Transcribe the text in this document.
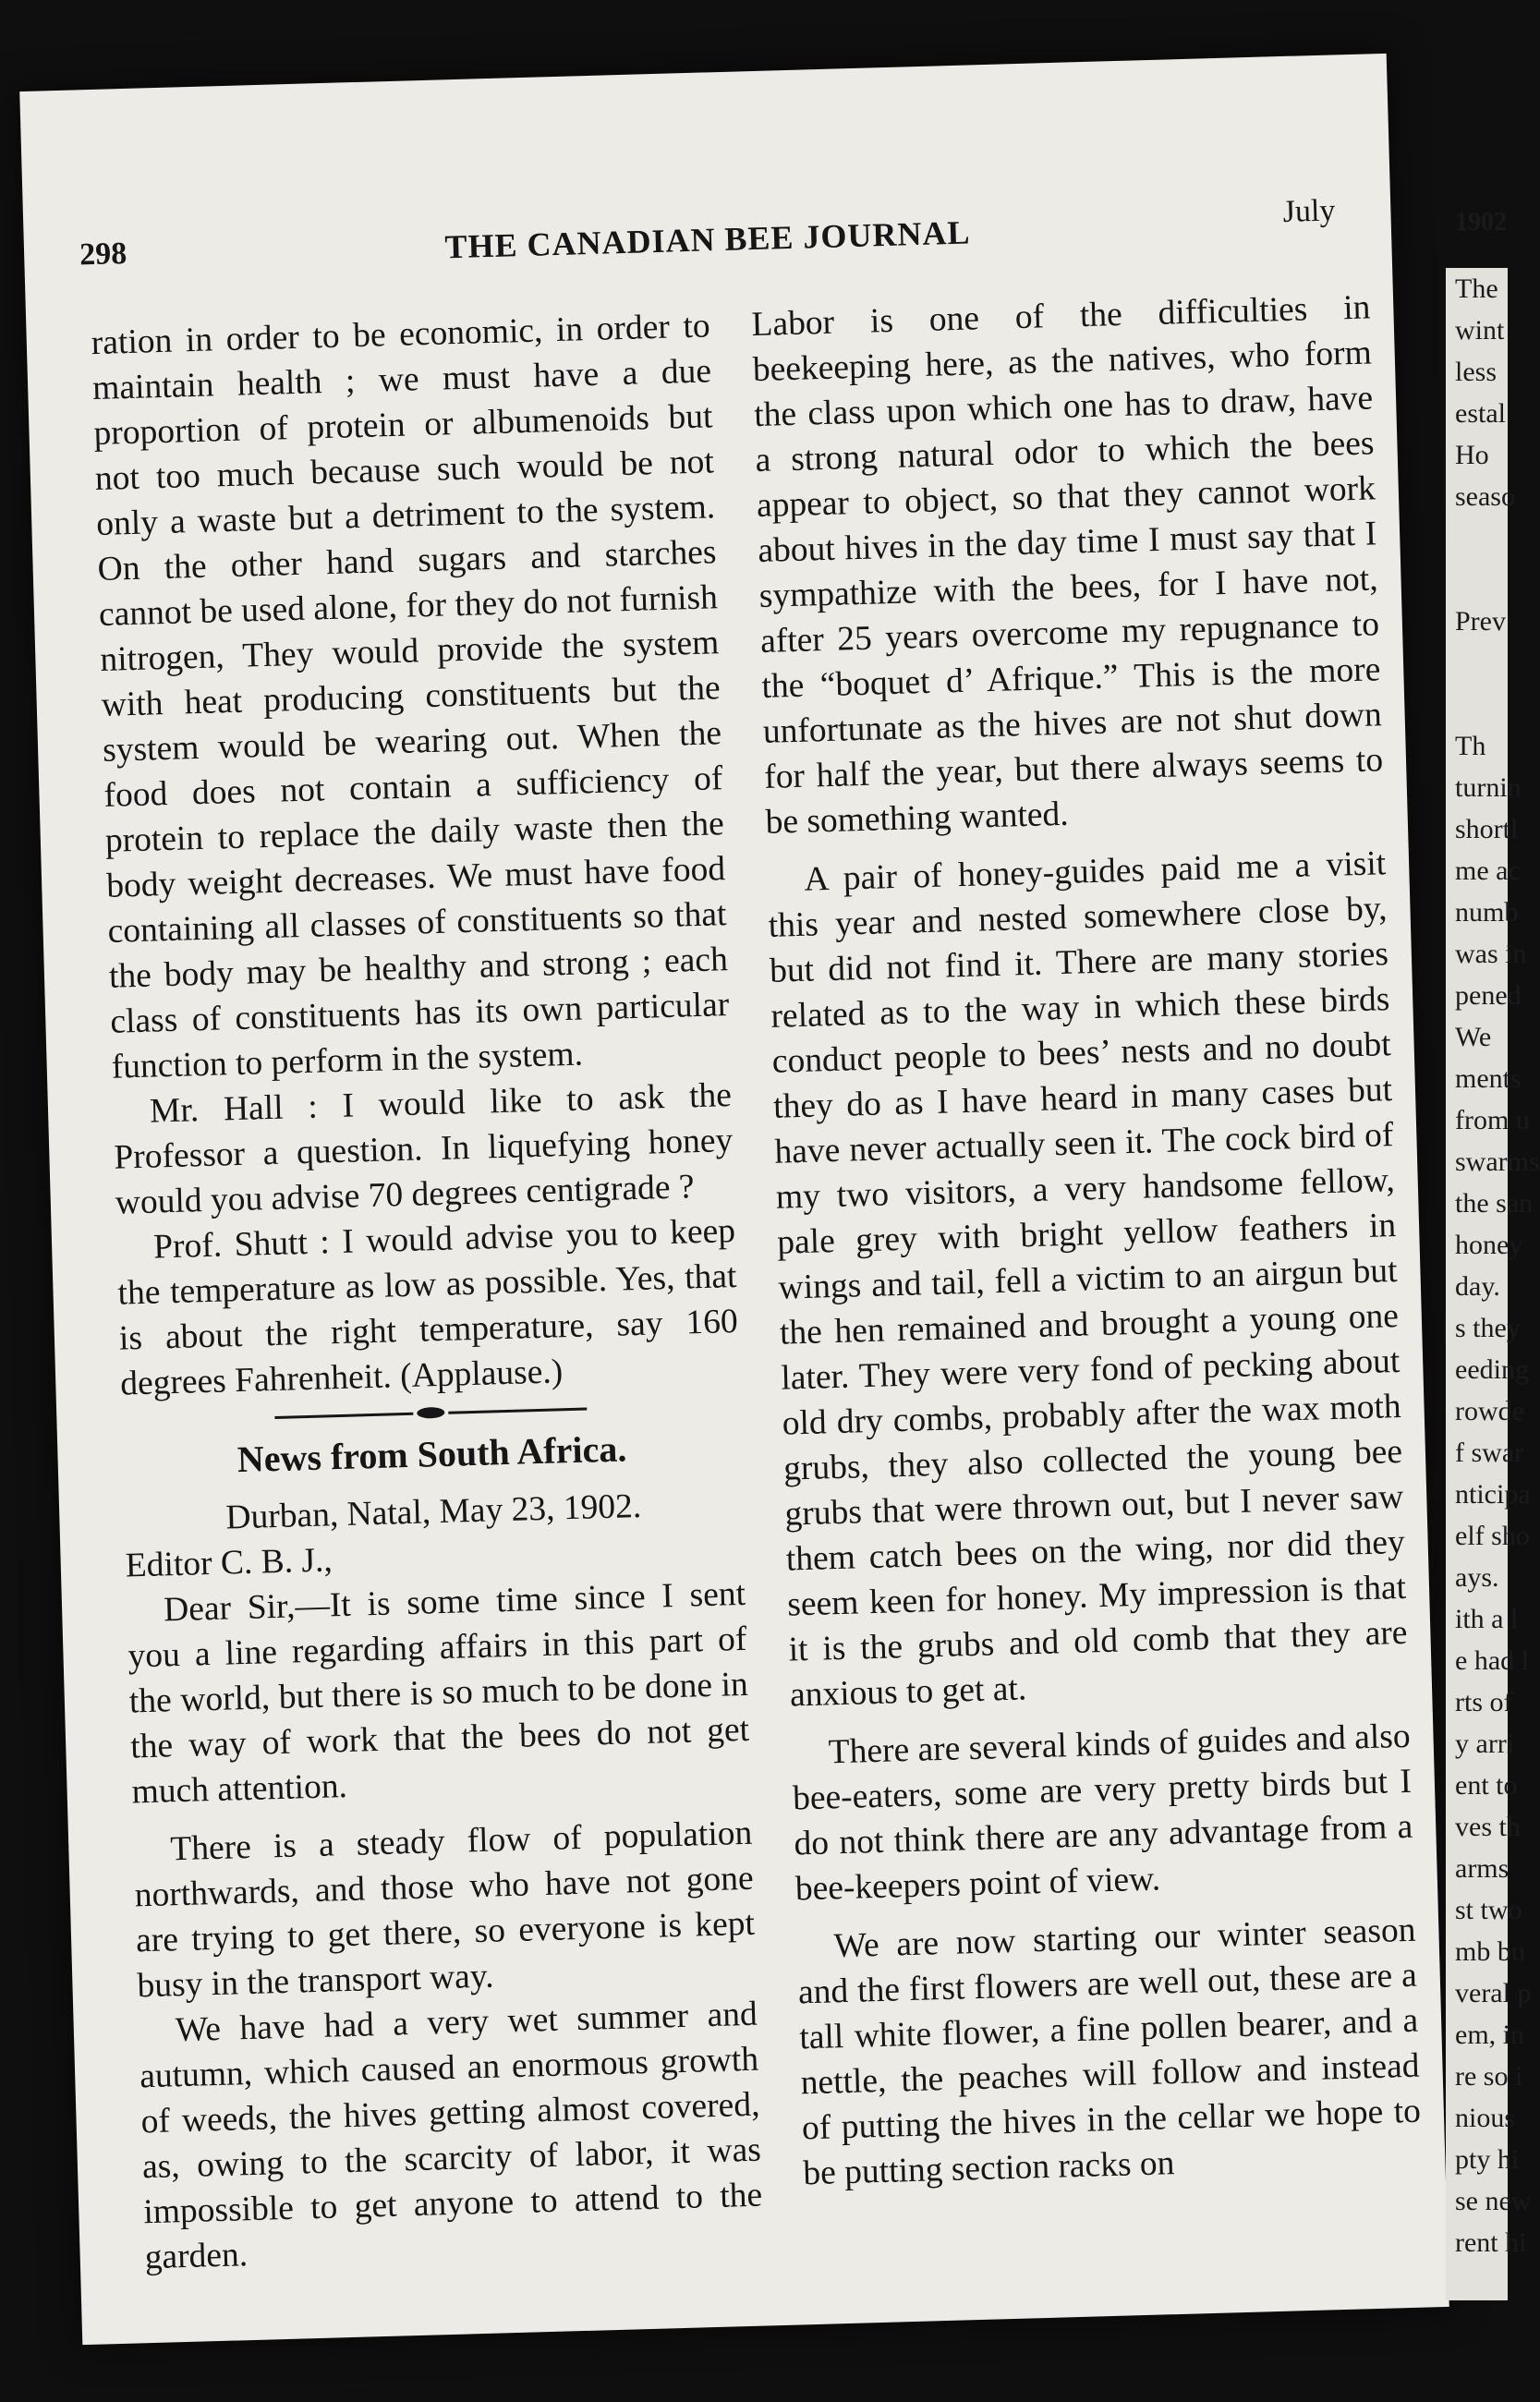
298	THE CANADIAN BEE JOURNAL
July

ration in order to be economic, in order to maintain health ; we must have a due proportion of protein or albumenoids but not too much because such would be not only a waste but a detriment to the system. On the other hand sugars and starches cannot be used alone, for they do not furnish nitrogen, They would provide the system with heat producing constituents but the system would be wearing out. When the food does not contain a sufficiency of protein to replace the daily waste then the body weight decreases. We must have food containing all classes of constituents so that the body may be healthy and strong ; each class of constituents has its own particular function to perform in the system.

Mr. Hall : I would like to ask the Professor a question. In liquefying honey would you advise 70 degrees centigrade ?

Prof. Shutt : I would advise you to keep the temperature as low as possible. Yes, that is about the right temperature, say 160 degrees Fahrenheit. (Applause.)

News from South Africa.

Durban, Natal, May 23, 1902.

Editor C. B. J.,

Dear Sir,—It is some time since I sent you a line regarding affairs in this part of the world, but there is so much to be done in the way of work that the bees do not get much attention.

There is a steady flow of population northwards, and those who have not gone are trying to get there, so everyone is kept busy in the transport way.

We have had a very wet summer and autumn, which caused an enormous growth of weeds, the hives getting almost covered, as, owing to the scarcity of labor, it was impossible to get anyone to attend to the garden.

Labor is one of the difficulties in beekeeping here, as the natives, who form the class upon which one has to draw, have a strong natural odor to which the bees appear to object, so that they cannot work about hives in the day time I must say that I sympathize with the bees, for I have not, after 25 years overcome my repugnance to the “boquet d’ Afrique.” This is the more unfortunate as the hives are not shut down for half the year, but there always seems to be something wanted.

A pair of honey-guides paid me a visit this year and nested somewhere close by, but did not find it. There are many stories related as to the way in which these birds conduct people to bees’ nests and no doubt they do as I have heard in many cases but have never actually seen it. The cock bird of my two visitors, a very handsome fellow, pale grey with bright yellow feathers in wings and tail, fell a victim to an airgun but the hen remained and brought a young one later. They were very fond of pecking about old dry combs, probably after the wax moth grubs, they also collected the young bee grubs that were thrown out, but I never saw them catch bees on the wing, nor did they seem keen for honey. My impression is that it is the grubs and old comb that they are anxious to get at.

There are several kinds of guides and also bee-eaters, some are very pretty birds but I do not think there are any advantage from a bee-keepers point of view.

We are now starting our winter season and the first flowers are well out, these are a tall white flower, a fine pollen bearer, and a nettle, the peaches will follow and instead of putting the hives in the cellar we hope to be putting section racks on

1902
The
wint
less
estal
Ho
seaso

Prev

Th
turnin
shortl
me ac
numb
was in
pened
We
ments
from u
swarms
the san
honey
day.
s they
eeding
rowde
f swar
nticipa
elf sho
ays.
ith a l
e had l
rts of
y arri
ent to
ves th
arms
st two
mb bu
veral p
em, in
re so i
nious
pty hi
se new
rent hi
